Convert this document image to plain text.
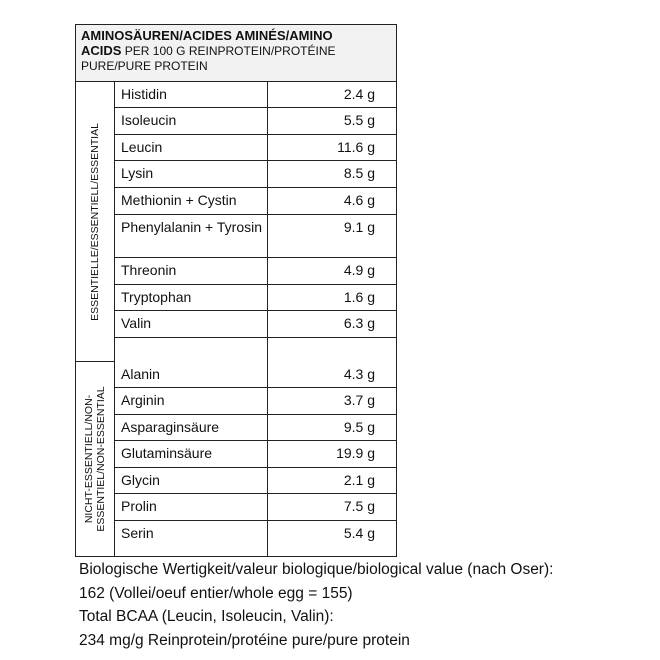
AMINOSÄUREN/ACIDES AMINÉS/AMINO
ACIDS PER 100 G REINPROTEIN/PROTÉINE
PURE/PURE PROTEIN
ESSENTIELLE/ESSENTIELL/ESSENTIAL
NICHT-ESSENTIELL/NON- ESSENTIEL/NON-ESSENTIAL
Histidin	2.4 g
Isoleucin	5.5 g
Leucin	11.6 g
Lysin	8.5 g
Methionin + Cystin	4.6 g
Phenylalanin + Tyrosin	9.1 g
Threonin	4.9 g
Tryptophan	1.6 g
Valin	6.3 g
Alanin	4.3 g
Arginin	3.7 g
Asparaginsäure	9.5 g
Glutaminsäure	19.9 g
Glycin	2.1 g
Prolin	7.5 g
Serin	5.4 g
Biologische Wertigkeit/valeur biologique/biological value (nach Oser):
162 (Vollei/oeuf entier/whole egg = 155)
Total BCAA (Leucin, Isoleucin, Valin):
234 mg/g Reinprotein/protéine pure/pure protein
